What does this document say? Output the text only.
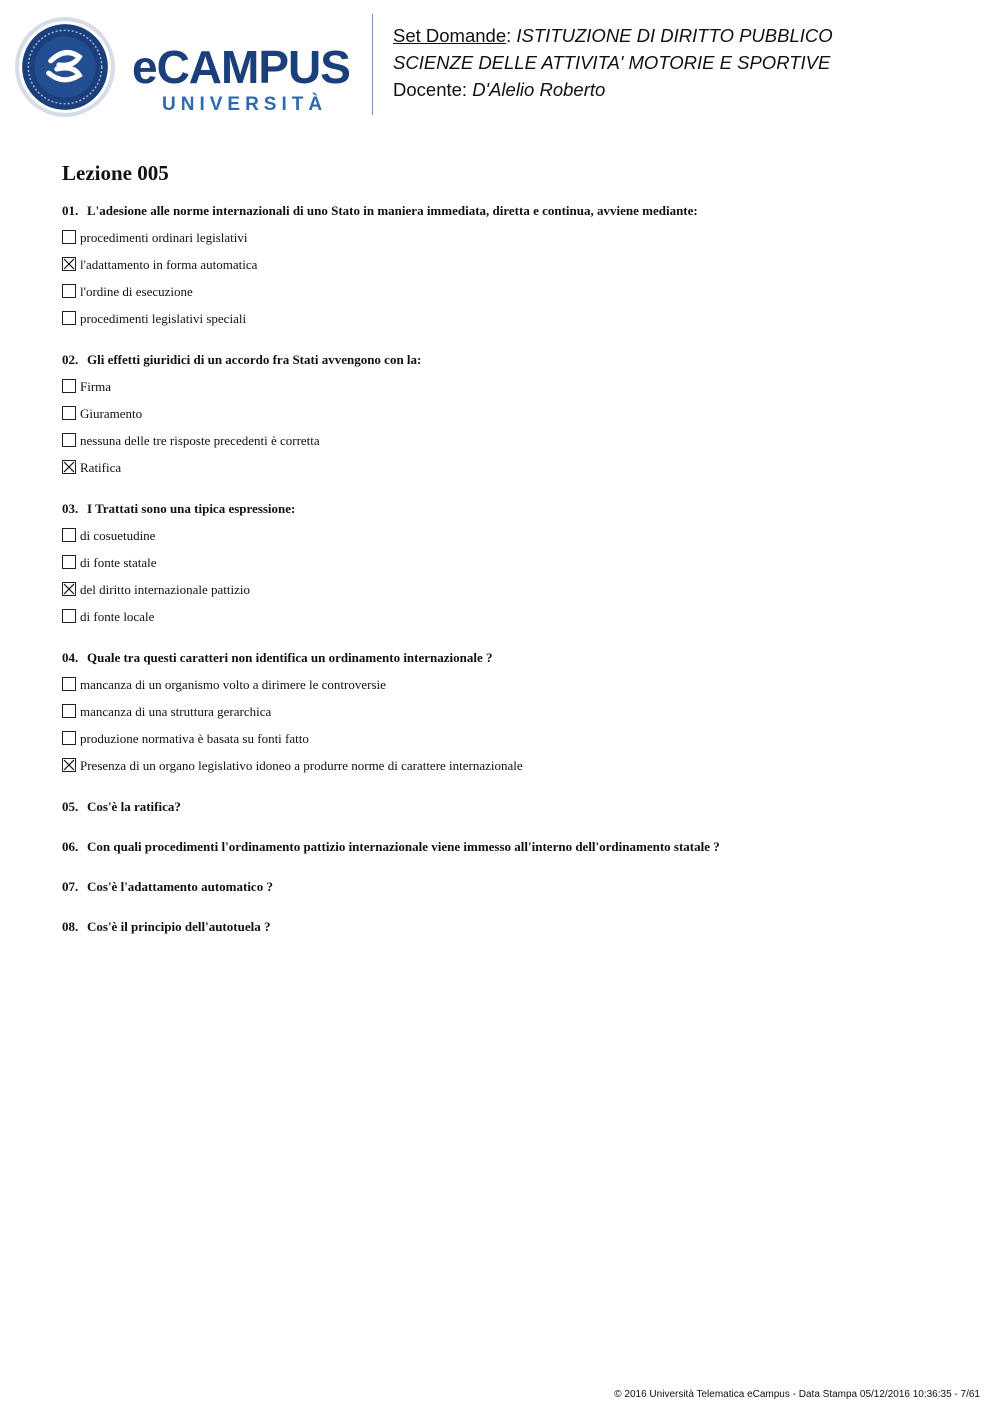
eCAMPUS
UNIVERSITÀ
Set Domande: ISTITUZIONE DI DIRITTO PUBBLICO
SCIENZE DELLE ATTIVITA' MOTORIE E SPORTIVE
Docente: D'Alelio Roberto
Lezione 005
01. L'adesione alle norme internazionali di uno Stato in maniera immediata, diretta e continua, avviene mediante:
procedimenti ordinari legislativi
l'adattamento in forma automatica
l'ordine di esecuzione
procedimenti legislativi speciali
02. Gli effetti giuridici di un accordo fra Stati avvengono con la:
Firma
Giuramento
nessuna delle tre risposte precedenti è corretta
Ratifica
03. I Trattati sono una tipica espressione:
di cosuetudine
di fonte statale
del diritto internazionale pattizio
di fonte locale
04. Quale tra questi caratteri non identifica un ordinamento internazionale ?
mancanza di un organismo volto a dirimere le controversie
mancanza di una struttura gerarchica
produzione normativa è basata su fonti fatto
Presenza di un organo legislativo idoneo a produrre norme di carattere internazionale
05. Cos'è la ratifica?
06. Con quali procedimenti l'ordinamento pattizio internazionale viene immesso all'interno dell'ordinamento statale ?
07. Cos'è l'adattamento automatico ?
08. Cos'è il principio dell'autotuela ?
© 2016 Università Telematica eCampus - Data Stampa 05/12/2016 10:36:35 - 7/61
